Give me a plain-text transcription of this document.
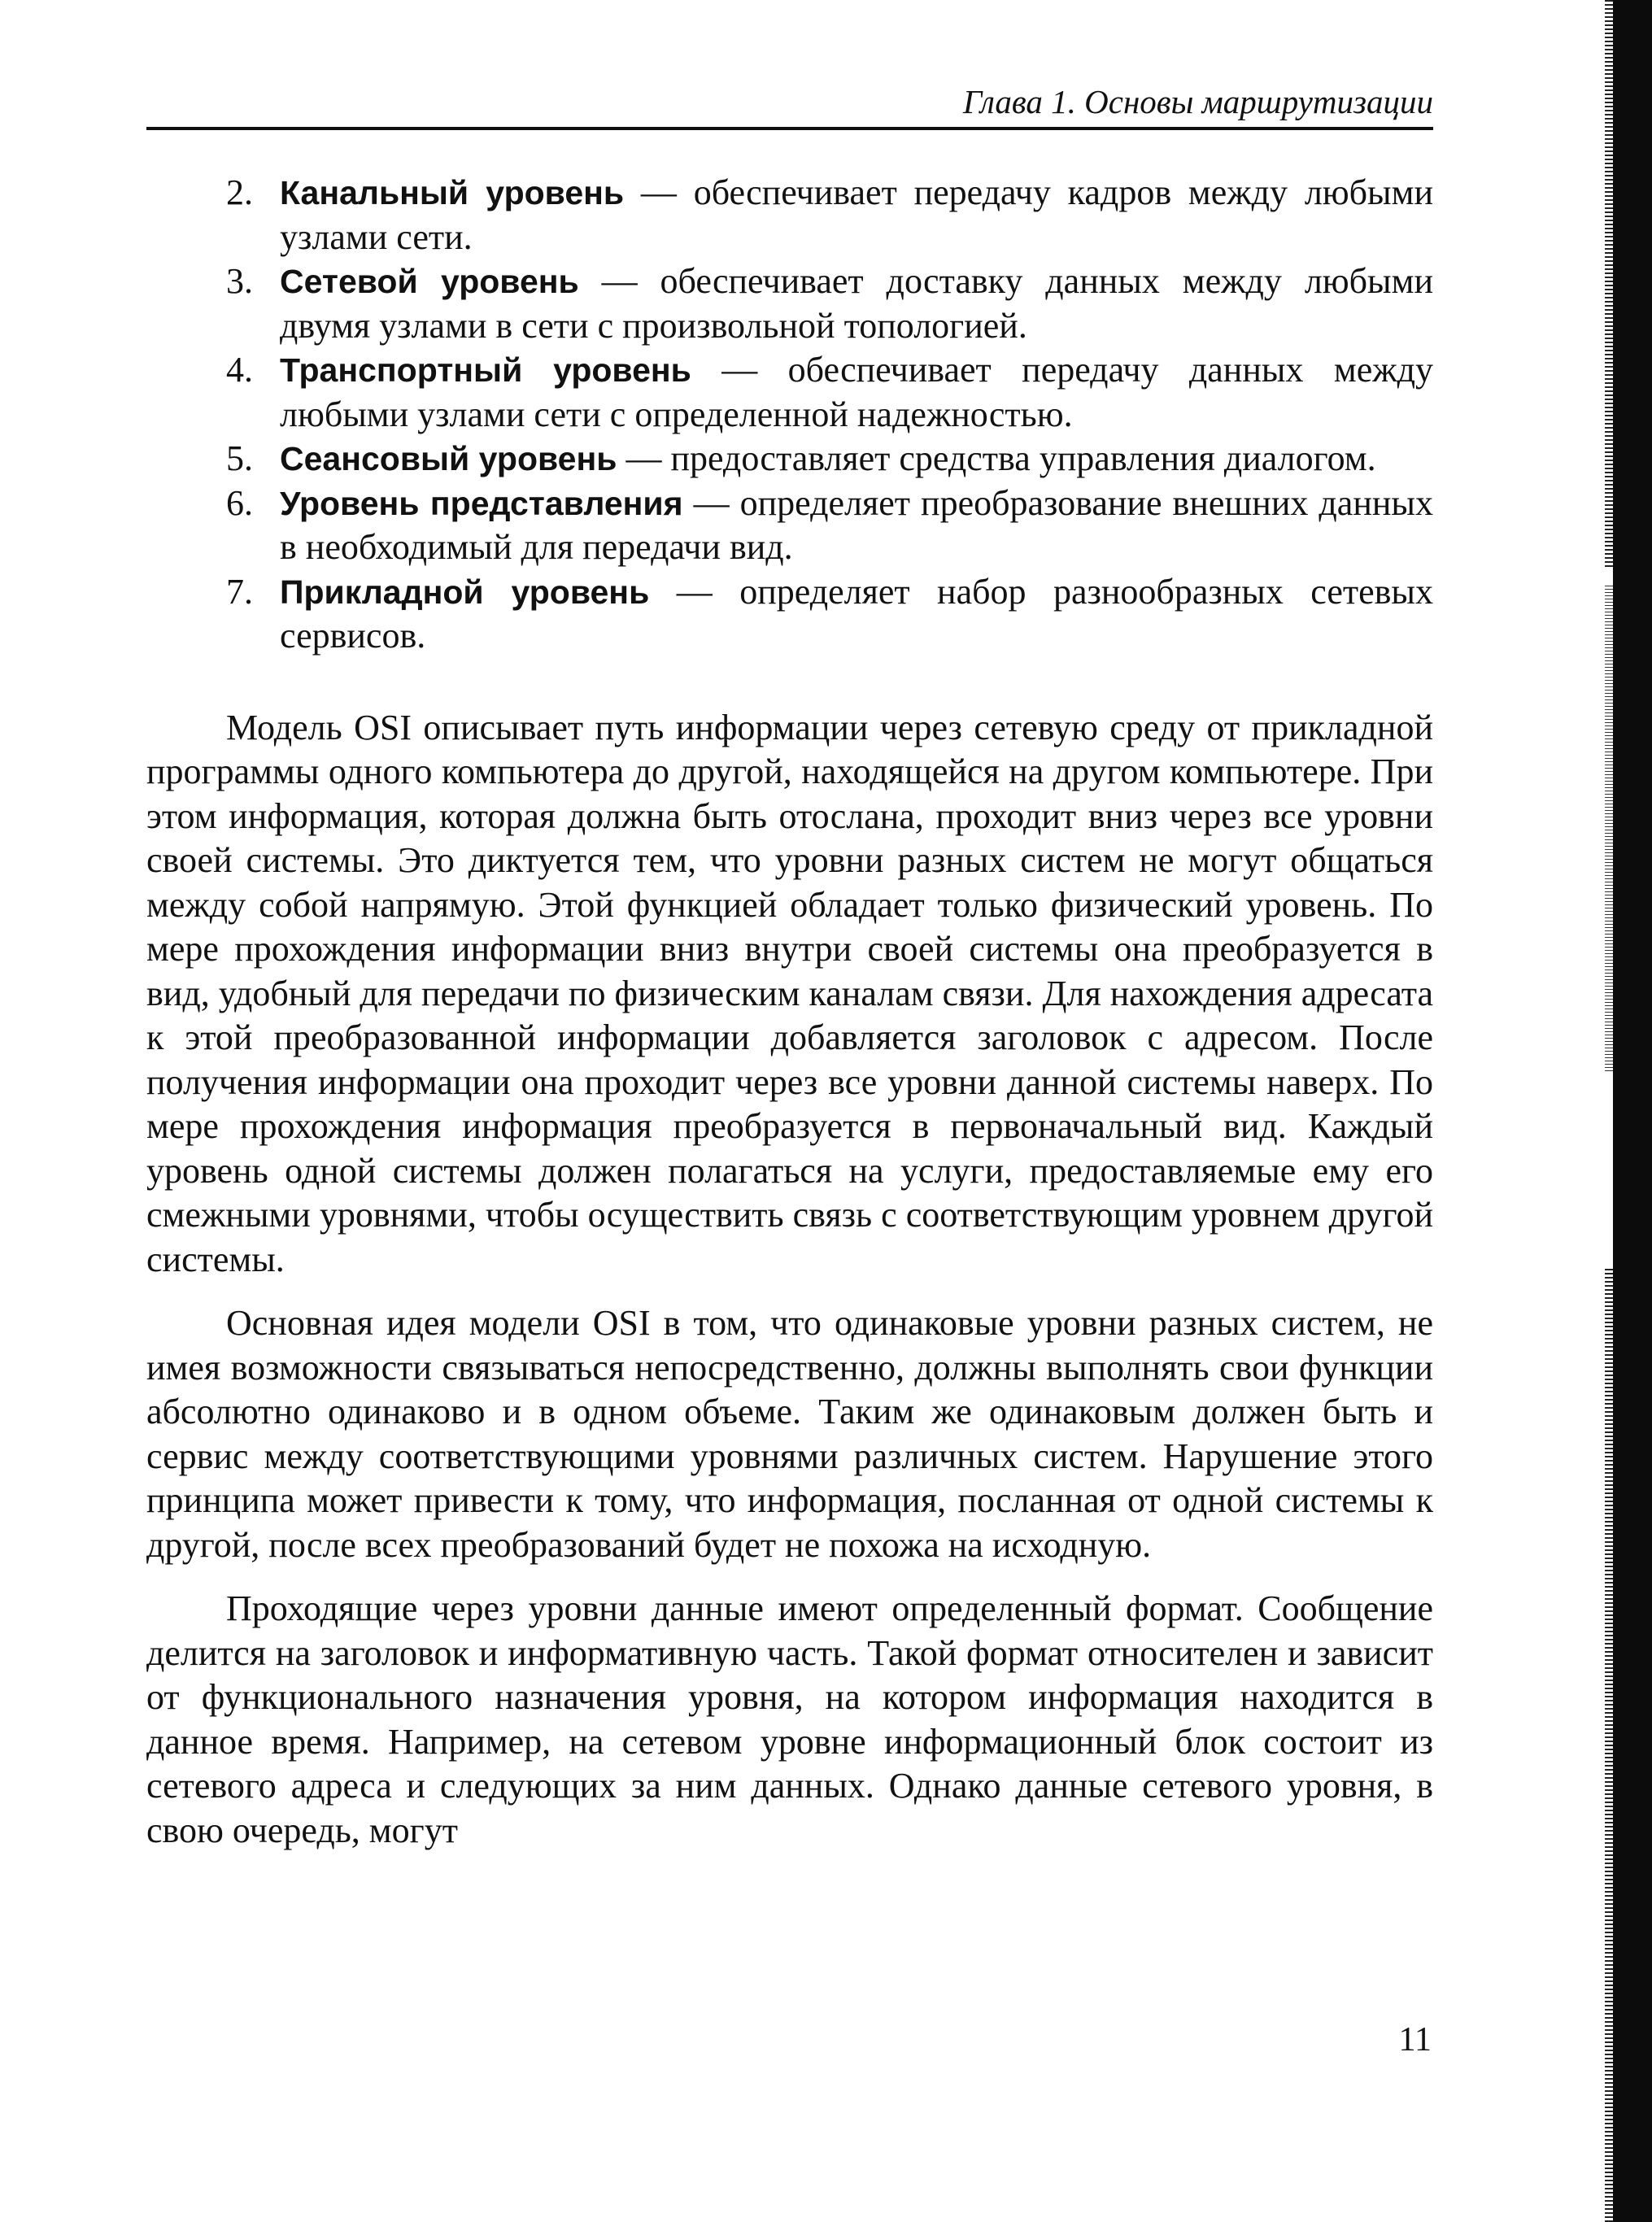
Глава 1. Основы маршрутизации
2. Канальный уровень — обеспечивает передачу кадров между любыми узлами сети.
3. Сетевой уровень — обеспечивает доставку данных между любыми двумя узлами в сети с произвольной топологией.
4. Транспортный уровень — обеспечивает передачу данных между любыми узлами сети с определенной надежностью.
5. Сеансовый уровень — предоставляет средства управления диалогом.
6. Уровень представления — определяет преобразование внешних данных в необходимый для передачи вид.
7. Прикладной уровень — определяет набор разнообразных сетевых сервисов.

Модель OSI описывает путь информации через сетевую среду от прикладной программы одного компьютера до другой, находящейся на другом компьютере. При этом информация, которая должна быть отослана, проходит вниз через все уровни своей системы. Это диктуется тем, что уровни разных систем не могут общаться между собой напрямую. Этой функцией обладает только физический уровень. По мере прохождения информации вниз внутри своей системы она преобразуется в вид, удобный для передачи по физическим каналам связи. Для нахождения адресата к этой преобразованной информации добавляется заголовок с адресом. После получения информации она проходит через все уровни данной системы наверх. По мере прохождения информация преобразуется в первоначальный вид. Каждый уровень одной системы должен полагаться на услуги, предоставляемые ему его смежными уровнями, чтобы осуществить связь с соответствующим уровнем другой системы.

Основная идея модели OSI в том, что одинаковые уровни разных систем, не имея возможности связываться непосредственно, должны выполнять свои функции абсолютно одинаково и в одном объеме. Таким же одинаковым должен быть и сервис между соответствующими уровнями различных систем. Нарушение этого принципа может привести к тому, что информация, посланная от одной системы к другой, после всех преобразований будет не похожа на исходную.

Проходящие через уровни данные имеют определенный формат. Сообщение делится на заголовок и информативную часть. Такой формат относителен и зависит от функционального назначения уровня, на котором информация находится в данное время. Например, на сетевом уровне информационный блок состоит из сетевого адреса и следующих за ним данных. Однако данные сетевого уровня, в свою очередь, могут

11
